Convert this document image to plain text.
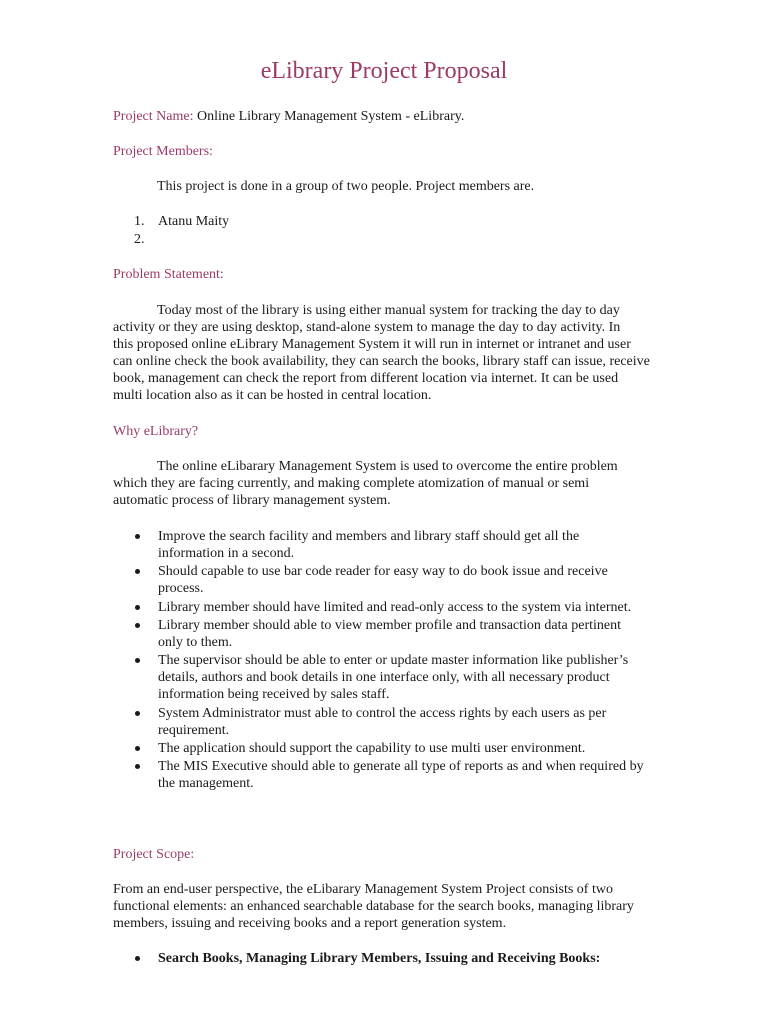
eLibrary Project Proposal
Project Name: Online Library Management System - eLibrary.
Project Members:
This project is done in a group of two people. Project members are.
1. Atanu Maity
2.
Problem Statement:
Today most of the library is using either manual system for tracking the day to day
activity or they are using desktop, stand-alone system to manage the day to day activity. In
this proposed online eLibrary Management System it will run in internet or intranet and user
can online check the book availability, they can search the books, library staff can issue, receive
book, management can check the report from different location via internet. It can be used
multi location also as it can be hosted in central location.
Why eLibrary?
The online eLibarary Management System is used to overcome the entire problem
which they are facing currently, and making complete atomization of manual or semi
automatic process of library management system.
Improve the search facility and members and library staff should get all the
information in a second.
Should capable to use bar code reader for easy way to do book issue and receive
process.
Library member should have limited and read-only access to the system via internet.
Library member should able to view member profile and transaction data pertinent
only to them.
The supervisor should be able to enter or update master information like publisher’s
details, authors and book details in one interface only, with all necessary product
information being received by sales staff.
System Administrator must able to control the access rights by each users as per
requirement.
The application should support the capability to use multi user environment.
The MIS Executive should able to generate all type of reports as and when required by
the management.
Project Scope:
From an end-user perspective, the eLibarary Management System Project consists of two
functional elements: an enhanced searchable database for the search books, managing library
members, issuing and receiving books and a report generation system.
Search Books, Managing Library Members, Issuing and Receiving Books:
